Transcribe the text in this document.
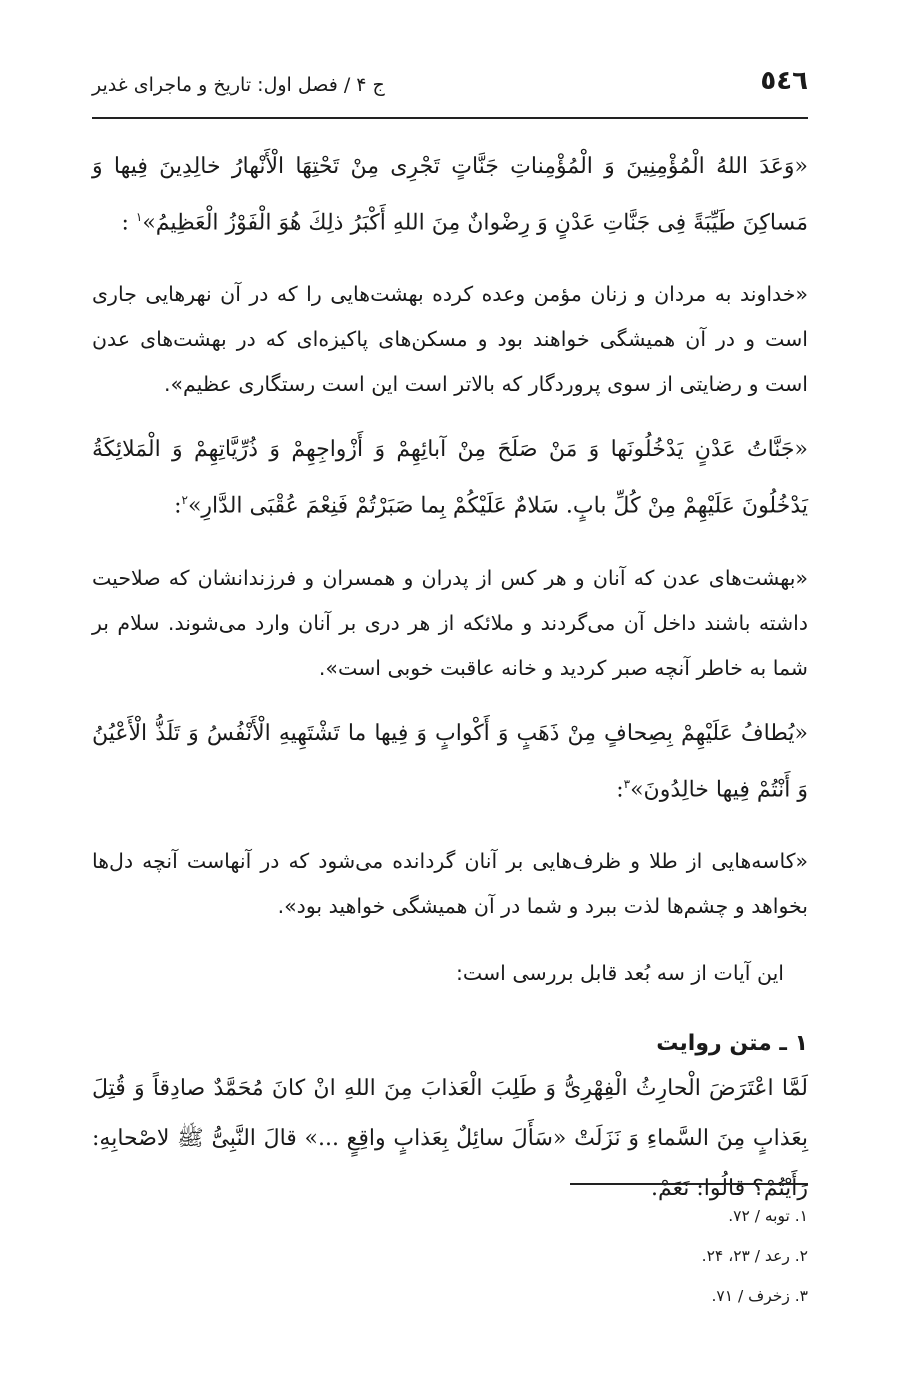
٥٤٦
ج ۴ / فصل اول: تاریخ و ماجرای غدیر

«وَعَدَ اللهُ الْمُؤْمِنِینَ وَ الْمُؤْمِناتِ جَنَّاتٍ تَجْرِی مِنْ تَحْتِهَا الْأَنْهارُ خالِدِینَ فِیها وَ مَساكِنَ طَیِّبَةً فِی جَنَّاتِ عَدْنٍ وَ رِضْوانٌ مِنَ اللهِ أَكْبَرُ ذلِكَ هُوَ الْفَوْزُ الْعَظِیمُ»$^١$ :

«خداوند به مردان و زنان مؤمن وعده کرده بهشت‌هایی را که در آن نهرهایی جاری است و در آن همیشگی خواهند بود و مسکن‌های پاکیزه‌ای که در بهشت‌های عدن است و رضایتی از سوی پروردگار که بالاتر است این است رستگاری عظیم».

«جَنَّاتُ عَدْنٍ یَدْخُلُونَها وَ مَنْ صَلَحَ مِنْ آبائِهِمْ وَ أَزْواجِهِمْ وَ ذُرِّیَّاتِهِمْ وَ الْمَلائِكَةُ یَدْخُلُونَ عَلَیْهِمْ مِنْ كُلِّ بابٍ. سَلامٌ عَلَیْكُمْ بِما صَبَرْتُمْ فَنِعْمَ عُقْبَى الدَّارِ»$^٢$:

«بهشت‌های عدن که آنان و هر کس از پدران و همسران و فرزندانشان که صلاحیت داشته باشند داخل آن می‌گردند و ملائکه از هر دری بر آنان وارد می‌شوند. سلام بر شما به خاطر آنچه صبر کردید و خانه عاقبت خوبی است».

«یُطافُ عَلَیْهِمْ بِصِحافٍ مِنْ ذَهَبٍ وَ أَكْوابٍ وَ فِیها ما تَشْتَهِیهِ الْأَنْفُسُ وَ تَلَذُّ الْأَعْیُنُ وَ أَنْتُمْ فِیها خالِدُونَ»$^٣$:

«کاسه‌هایی از طلا و ظرف‌هایی بر آنان گردانده می‌شود که در آنهاست آنچه دل‌ها بخواهد و چشم‌ها لذت ببرد و شما در آن همیشگی خواهید بود».

این آیات از سه بُعد قابل بررسی است:

١ ـ متن روایت

لَمَّا اعْتَرَضَ الْحارِثُ الْفِهْرِیُّ وَ طَلِبَ الْعَذابَ مِنَ اللهِ انْ كانَ مُحَمَّدٌ صادِقاً وَ قُتِلَ بِعَذابٍ مِنَ السَّماءِ وَ نَزَلَتْ «سَأَلَ سائِلٌ بِعَذابٍ واقِعٍ ...» قالَ النَّبِیُّ ﷺ لاصْحابِهِ: رَأَیْتُمْ؟ قالُوا: نَعَمْ.

١. توبه / ٧٢.
٢. رعد / ٢٣، ٢۴.
٣. زخرف / ٧١.
